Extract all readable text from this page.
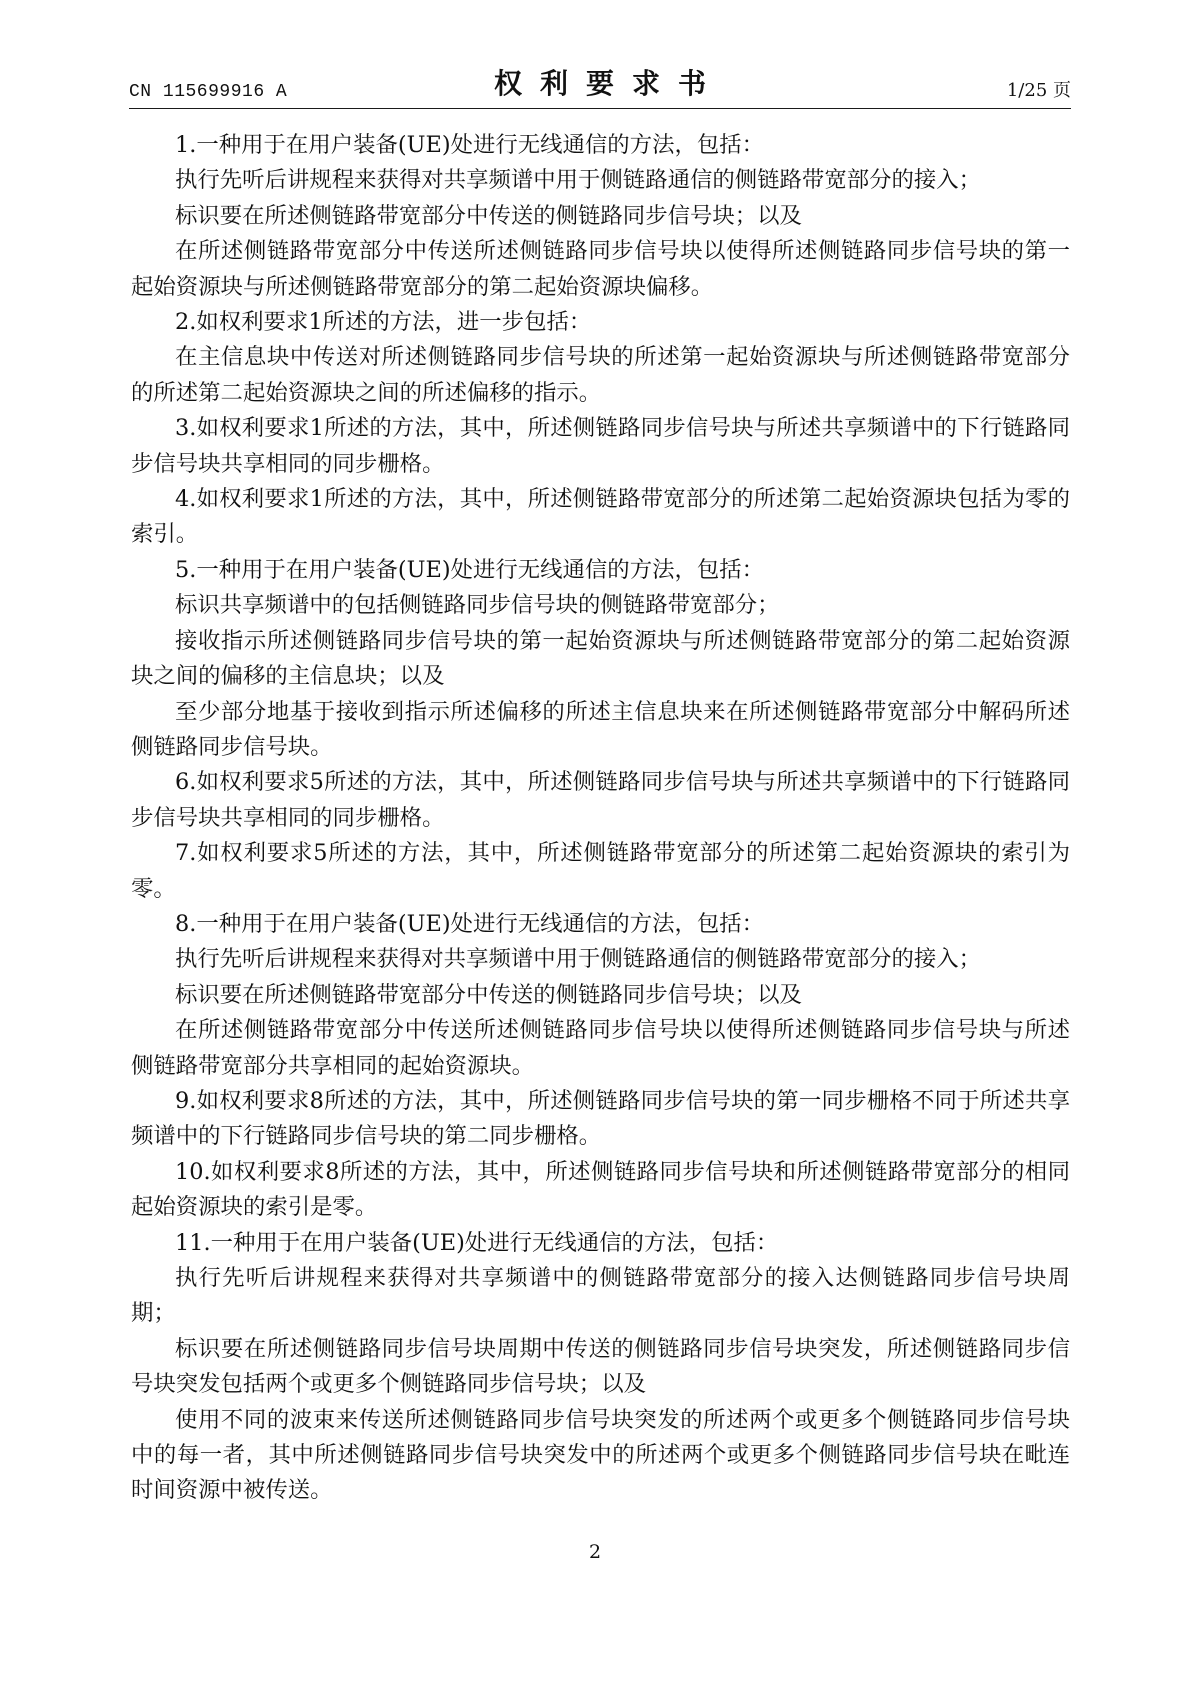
CN 115699916 A	权利要求书	1/25 页

1.一种用于在用户装备(UE)处进行无线通信的方法，包括：

执行先听后讲规程来获得对共享频谱中用于侧链路通信的侧链路带宽部分的接入；

标识要在所述侧链路带宽部分中传送的侧链路同步信号块；以及

在所述侧链路带宽部分中传送所述侧链路同步信号块以使得所述侧链路同步信号块的第一起始资源块与所述侧链路带宽部分的第二起始资源块偏移。

2.如权利要求1所述的方法，进一步包括：

在主信息块中传送对所述侧链路同步信号块的所述第一起始资源块与所述侧链路带宽部分的所述第二起始资源块之间的所述偏移的指示。

3.如权利要求1所述的方法，其中，所述侧链路同步信号块与所述共享频谱中的下行链路同步信号块共享相同的同步栅格。

4.如权利要求1所述的方法，其中，所述侧链路带宽部分的所述第二起始资源块包括为零的索引。

5.一种用于在用户装备(UE)处进行无线通信的方法，包括：

标识共享频谱中的包括侧链路同步信号块的侧链路带宽部分；

接收指示所述侧链路同步信号块的第一起始资源块与所述侧链路带宽部分的第二起始资源块之间的偏移的主信息块；以及

至少部分地基于接收到指示所述偏移的所述主信息块来在所述侧链路带宽部分中解码所述侧链路同步信号块。

6.如权利要求5所述的方法，其中，所述侧链路同步信号块与所述共享频谱中的下行链路同步信号块共享相同的同步栅格。

7.如权利要求5所述的方法，其中，所述侧链路带宽部分的所述第二起始资源块的索引为零。

8.一种用于在用户装备(UE)处进行无线通信的方法，包括：

执行先听后讲规程来获得对共享频谱中用于侧链路通信的侧链路带宽部分的接入；

标识要在所述侧链路带宽部分中传送的侧链路同步信号块；以及

在所述侧链路带宽部分中传送所述侧链路同步信号块以使得所述侧链路同步信号块与所述侧链路带宽部分共享相同的起始资源块。

9.如权利要求8所述的方法，其中，所述侧链路同步信号块的第一同步栅格不同于所述共享频谱中的下行链路同步信号块的第二同步栅格。

10.如权利要求8所述的方法，其中，所述侧链路同步信号块和所述侧链路带宽部分的相同起始资源块的索引是零。

11.一种用于在用户装备(UE)处进行无线通信的方法，包括：

执行先听后讲规程来获得对共享频谱中的侧链路带宽部分的接入达侧链路同步信号块周期；

标识要在所述侧链路同步信号块周期中传送的侧链路同步信号块突发，所述侧链路同步信号块突发包括两个或更多个侧链路同步信号块；以及

使用不同的波束来传送所述侧链路同步信号块突发的所述两个或更多个侧链路同步信号块中的每一者，其中所述侧链路同步信号块突发中的所述两个或更多个侧链路同步信号块在毗连时间资源中被传送。

2
